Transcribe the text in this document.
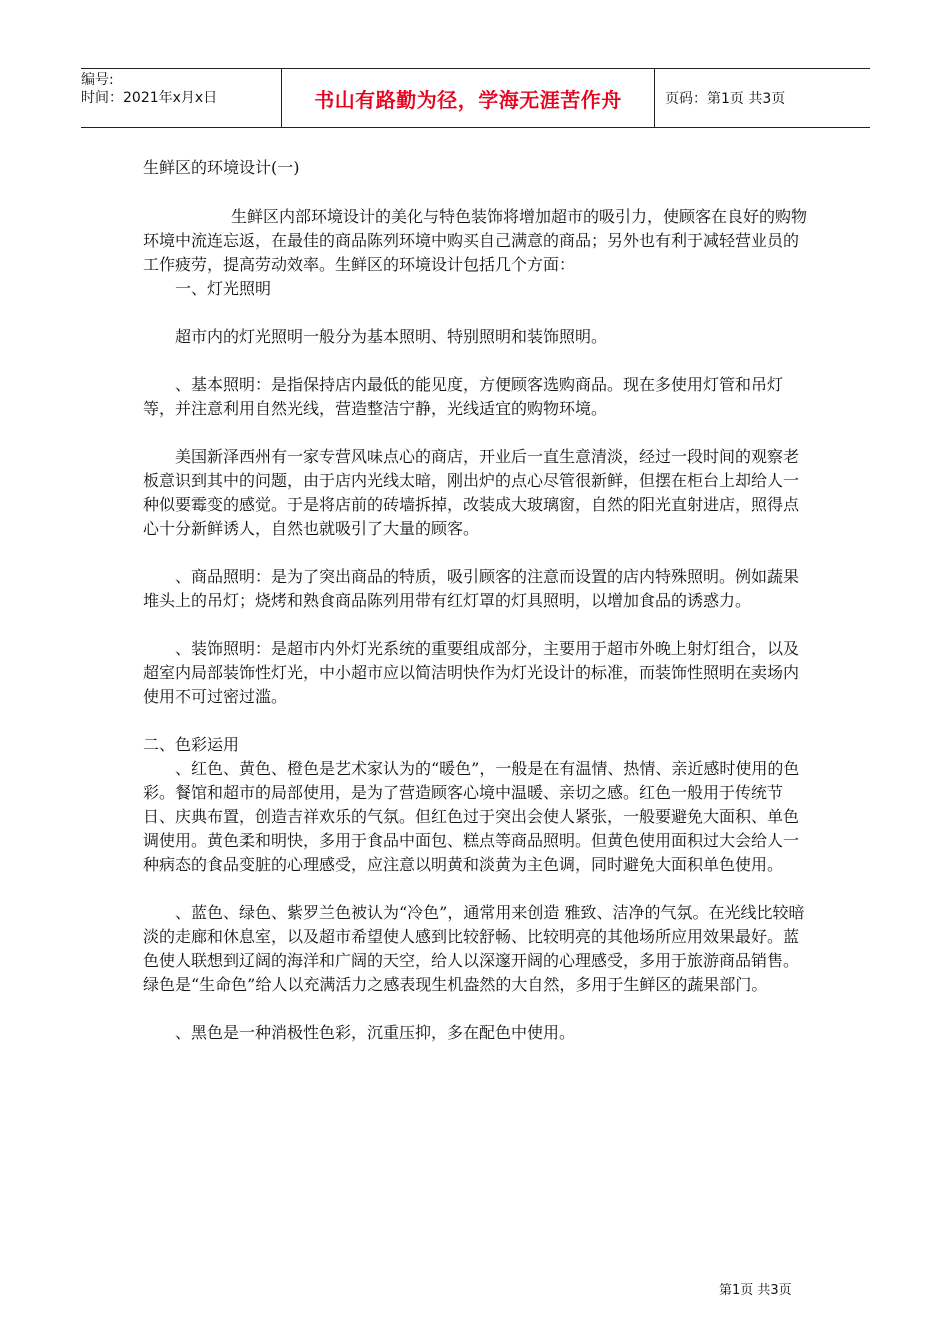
编号:
时间：2021年x月x日	书山有路勤为径，学海无涯苦作舟	页码：第1页 共3页
生鲜区的环境设计(一)

生鲜区内部环境设计的美化与特色装饰将增加超市的吸引力，使顾客在良好的购物环境中流连忘返，在最佳的商品陈列环境中购买自己满意的商品；另外也有利于减轻营业员的工作疲劳，提高劳动效率。生鲜区的环境设计包括几个方面：

一、灯光照明

超市内的灯光照明一般分为基本照明、特别照明和装饰照明。

、基本照明：是指保持店内最低的能见度，方便顾客选购商品。现在多使用灯管和吊灯等，并注意利用自然光线，营造整洁宁静，光线适宜的购物环境。

美国新泽西州有一家专营风味点心的商店，开业后一直生意清淡，经过一段时间的观察老板意识到其中的问题，由于店内光线太暗，刚出炉的点心尽管很新鲜，但摆在柜台上却给人一种似要霉变的感觉。于是将店前的砖墙拆掉，改装成大玻璃窗，自然的阳光直射进店，照得点心十分新鲜诱人，自然也就吸引了大量的顾客。

、商品照明：是为了突出商品的特质，吸引顾客的注意而设置的店内特殊照明。例如蔬果堆头上的吊灯；烧烤和熟食商品陈列用带有红灯罩的灯具照明，以增加食品的诱惑力。

、装饰照明：是超市内外灯光系统的重要组成部分，主要用于超市外晚上射灯组合，以及超室内局部装饰性灯光，中小超市应以简洁明快作为灯光设计的标准，而装饰性照明在卖场内使用不可过密过滥。

二、色彩运用

、红色、黄色、橙色是艺术家认为的“暖色”，一般是在有温情、热情、亲近感时使用的色彩。餐馆和超市的局部使用，是为了营造顾客心境中温暖、亲切之感。红色一般用于传统节日、庆典布置，创造吉祥欢乐的气氛。但红色过于突出会使人紧张，一般要避免大面积、单色调使用。黄色柔和明快，多用于食品中面包、糕点等商品照明。但黄色使用面积过大会给人一种病态的食品变脏的心理感受，应注意以明黄和淡黄为主色调，同时避免大面积单色使用。

、蓝色、绿色、紫罗兰色被认为“冷色”，通常用来创造 雅致、洁净的气氛。在光线比较暗淡的走廊和休息室，以及超市希望使人感到比较舒畅、比较明亮的其他场所应用效果最好。蓝色使人联想到辽阔的海洋和广阔的天空，给人以深邃开阔的心理感受，多用于旅游商品销售。绿色是“生命色”给人以充满活力之感表现生机盎然的大自然，多用于生鲜区的蔬果部门。

、黑色是一种消极性色彩，沉重压抑，多在配色中使用。

第1页 共3页
